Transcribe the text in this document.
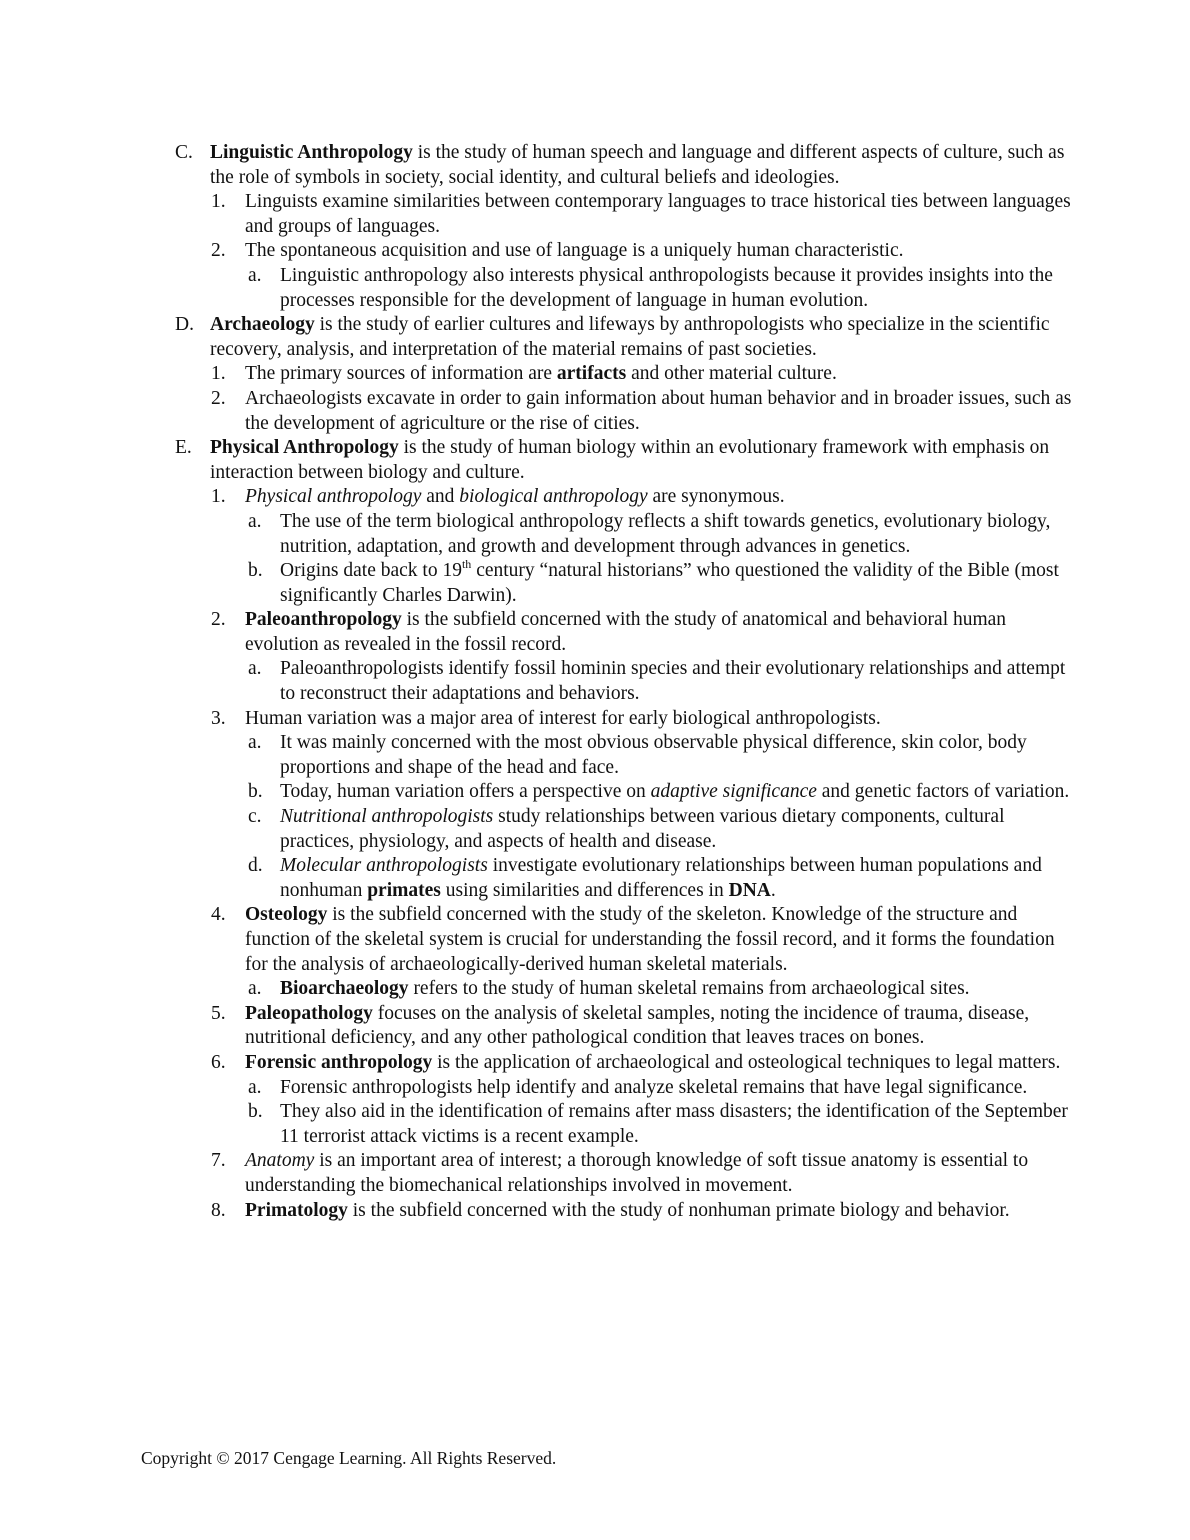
C. Linguistic Anthropology is the study of human speech and language and different aspects of culture, such as the role of symbols in society, social identity, and cultural beliefs and ideologies.
1. Linguists examine similarities between contemporary languages to trace historical ties between languages and groups of languages.
2. The spontaneous acquisition and use of language is a uniquely human characteristic.
a. Linguistic anthropology also interests physical anthropologists because it provides insights into the processes responsible for the development of language in human evolution.
D. Archaeology is the study of earlier cultures and lifeways by anthropologists who specialize in the scientific recovery, analysis, and interpretation of the material remains of past societies.
1. The primary sources of information are artifacts and other material culture.
2. Archaeologists excavate in order to gain information about human behavior and in broader issues, such as the development of agriculture or the rise of cities.
E. Physical Anthropology is the study of human biology within an evolutionary framework with emphasis on interaction between biology and culture.
1. Physical anthropology and biological anthropology are synonymous.
a. The use of the term biological anthropology reflects a shift towards genetics, evolutionary biology, nutrition, adaptation, and growth and development through advances in genetics.
b. Origins date back to 19th century “natural historians” who questioned the validity of the Bible (most significantly Charles Darwin).
2. Paleoanthropology is the subfield concerned with the study of anatomical and behavioral human evolution as revealed in the fossil record.
a. Paleoanthropologists identify fossil hominin species and their evolutionary relationships and attempt to reconstruct their adaptations and behaviors.
3. Human variation was a major area of interest for early biological anthropologists.
a. It was mainly concerned with the most obvious observable physical difference, skin color, body proportions and shape of the head and face.
b. Today, human variation offers a perspective on adaptive significance and genetic factors of variation.
c. Nutritional anthropologists study relationships between various dietary components, cultural practices, physiology, and aspects of health and disease.
d. Molecular anthropologists investigate evolutionary relationships between human populations and nonhuman primates using similarities and differences in DNA.
4. Osteology is the subfield concerned with the study of the skeleton. Knowledge of the structure and function of the skeletal system is crucial for understanding the fossil record, and it forms the foundation for the analysis of archaeologically-derived human skeletal materials.
a. Bioarchaeology refers to the study of human skeletal remains from archaeological sites.
5. Paleopathology focuses on the analysis of skeletal samples, noting the incidence of trauma, disease, nutritional deficiency, and any other pathological condition that leaves traces on bones.
6. Forensic anthropology is the application of archaeological and osteological techniques to legal matters.
a. Forensic anthropologists help identify and analyze skeletal remains that have legal significance.
b. They also aid in the identification of remains after mass disasters; the identification of the September 11 terrorist attack victims is a recent example.
7. Anatomy is an important area of interest; a thorough knowledge of soft tissue anatomy is essential to understanding the biomechanical relationships involved in movement.
8. Primatology is the subfield concerned with the study of nonhuman primate biology and behavior.
Copyright © 2017 Cengage Learning. All Rights Reserved.
